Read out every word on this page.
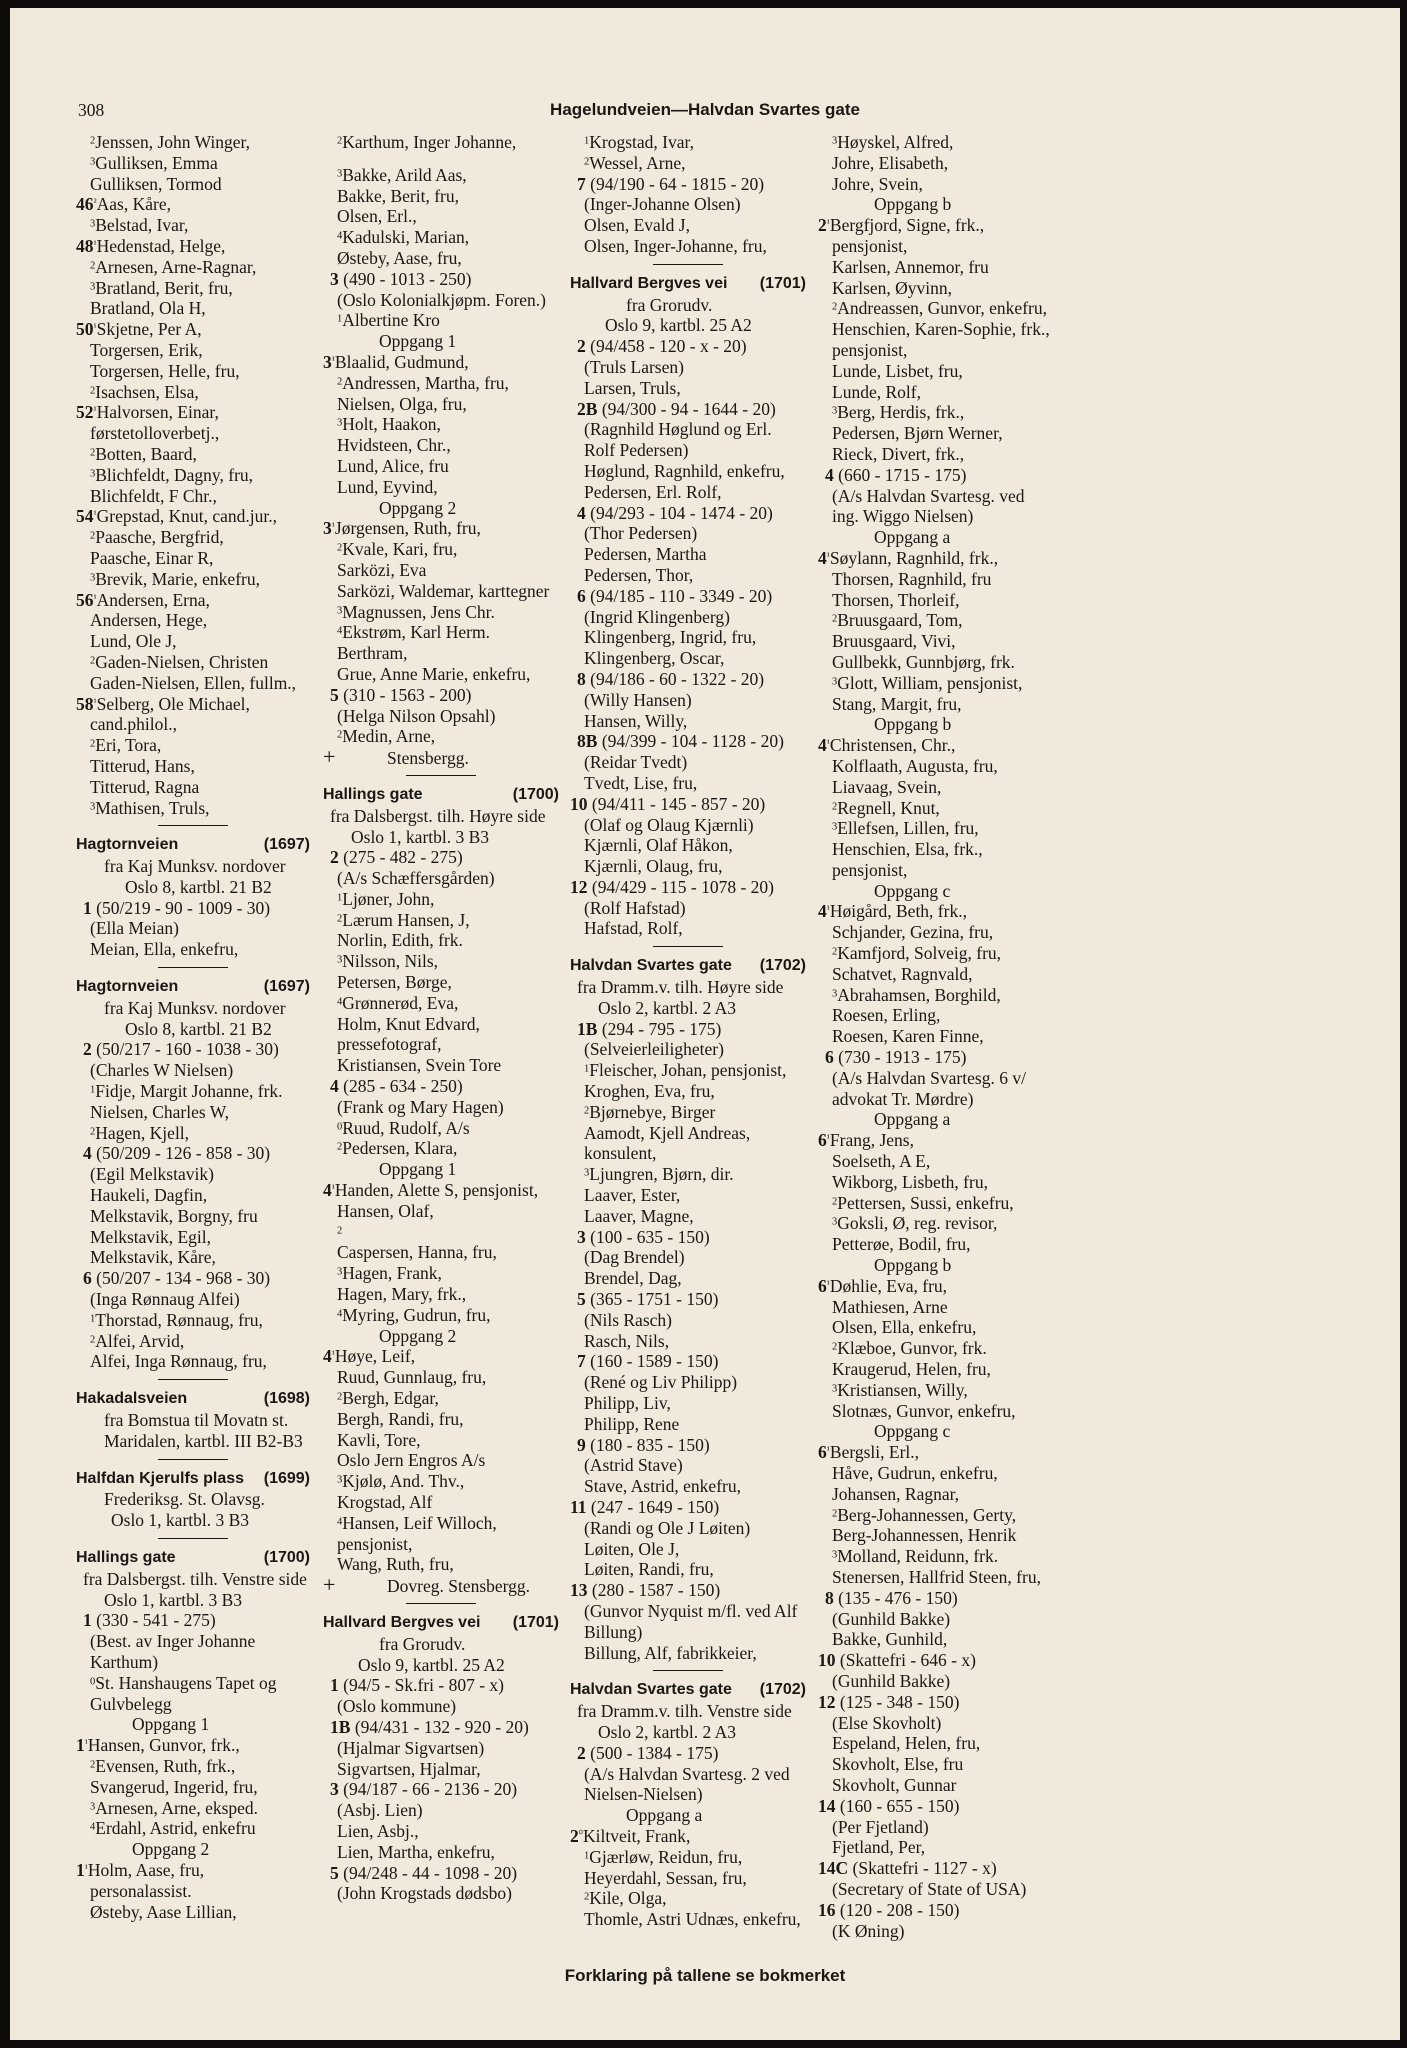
308	Hagelundveien—Halvdan Svartes gate
$^2$Jenssen, John Winger,
$^3$Gulliksen, Emma
Gulliksen, Tormod
$46^{^2}Aas$, Kåre,
$^3$Belstad, Ivar,
$48^{^1}Hedenstad$, Helge,
$^2$Arnesen, Arne-Ragnar,
$^3$Bratland, Berit, fru,
Bratland, Ola H,
$50^{^1}Skjetne$, Per A,
Torgersen, Erik,
Torgersen, Helle, fru,
$^2$Isachsen, Elsa,
$52^{^1}Halvorsen$, Einar,
førstetolloverbetj.,
$^2$Botten, Baard,
$^3$Blichfeldt, Dagny, fru,
Blichfeldt, F Chr.,
$54^{^1}Grepstad$, Knut, cand.jur.,
$^2$Paasche, Bergfrid,
Paasche, Einar R,
$^3$Brevik, Marie, enkefru,
$56^{^1}Andersen$, Erna,
Andersen, Hege,
Lund, Ole J,
$^2$Gaden-Nielsen, Christen
Gaden-Nielsen, Ellen, fullm.,
$58^{^1}Selberg$, Ole Michael,
cand.philol.,
$^2$Eri, Tora,
Titterud, Hans,
Titterud, Ragna
$^3$Mathisen, Truls,
Hagtornveien	(1697)
fra Kaj Munksv. nordover
Oslo 8, kartbl. 21 B2
1 (50/219 - 90 - 1009 - 30)
(Ella Meian)
Meian, Ella, enkefru,
Hagtornveien	(1697)
fra Kaj Munksv. nordover
Oslo 8, kartbl. 21 B2
2 (50/217 - 160 - 1038 - 30)
(Charles W Nielsen)
$^1$Fidje, Margit Johanne, frk.
Nielsen, Charles W,
$^2$Hagen, Kjell,
4 (50/209 - 126 - 858 - 30)
(Egil Melkstavik)
Haukeli, Dagfin,
Melkstavik, Borgny, fru
Melkstavik, Egil,
Melkstavik, Kåre,
6 (50/207 - 134 - 968 - 30)
(Inga Rønnaug Alfei)
$^1$Thorstad, Rønnaug, fru,
$^2$Alfei, Arvid,
Alfei, Inga Rønnaug, fru,
Hakadalsveien	(1698)
fra Bomstua til Movatn st.
Maridalen, kartbl. III B2-B3
Halfdan Kjerulfs plass (1699)
Frederiksg. St. Olavsg.
Oslo 1, kartbl. 3 B3
Hallings gate	(1700)
fra Dalsbergst. tilh. Venstre side
Oslo 1, kartbl. 3 B3
1 (330 - 541 - 275)
(Best. av Inger Johanne
Karthum)
$^0$St. Hanshaugens Tapet og
Gulvbelegg
Oppgang 1
$1^{^1}Hansen$, Gunvor, frk.,
$^2$Evensen, Ruth, frk.,
Svangerud, Ingerid, fru,
$^3$Arnesen, Arne, eksped.
$^4$Erdahl, Astrid, enkefru
Oppgang 2
$1^{^1}Holm$, Aase, fru,
personalassist.
Østeby, Aase Lillian,
$^2$Karthum, Inger Johanne,
$^3$Bakke, Arild Aas,
Bakke, Berit, fru,
Olsen, Erl.,
$^4$Kadulski, Marian,
Østeby, Aase, fru,
3 (490 - 1013 - 250)
(Oslo Kolonialkjøpm. Foren.)
$^1$Albertine Kro
Oppgang 1
$3^{^1}Blaalid$, Gudmund,
$^2$Andressen, Martha, fru,
Nielsen, Olga, fru,
$^3$Holt, Haakon,
Hvidsteen, Chr.,
Lund, Alice, fru
Lund, Eyvind,
Oppgang 2
$3^{^1}Jørgensen$, Ruth, fru,
$^2$Kvale, Kari, fru,
Sarközi, Eva
Sarközi, Waldemar, karttegner
$^3$Magnussen, Jens Chr.
$^4$Ekstrøm, Karl Herm.
Berthram,
Grue, Anne Marie, enkefru,
5 (310 - 1563 - 200)
(Helga Nilson Opsahl)
$^2$Medin, Arne,
+	Stensbergg.
Hallings gate	(1700)
fra Dalsbergst. tilh. Høyre side
Oslo 1, kartbl. 3 B3
2 (275 - 482 - 275)
(A/s Schæffersgården)
$^1$Ljøner, John,
$^2$Lærum Hansen, J,
Norlin, Edith, frk.
$^3$Nilsson, Nils,
Petersen, Børge,
$^4$Grønnerød, Eva,
Holm, Knut Edvard,
pressefotograf,
Kristiansen, Svein Tore
4 (285 - 634 - 250)
(Frank og Mary Hagen)
$^0$Ruud, Rudolf, A/s
$^2$Pedersen, Klara,
Oppgang 1
$4^{^1}Handen$, Alette S, pensjonist,
Hansen, Olaf,
$^2$
Caspersen, Hanna, fru,
$^3$Hagen, Frank,
Hagen, Mary, frk.,
$^4$Myring, Gudrun, fru,
Oppgang 2
$4^{^1}Høye$, Leif,
Ruud, Gunnlaug, fru,
$^2$Bergh, Edgar,
Bergh, Randi, fru,
Kavli, Tore,
Oslo Jern Engros A/s
$^3$Kjølø, And. Thv.,
Krogstad, Alf
$^4$Hansen, Leif Willoch,
pensjonist,
Wang, Ruth, fru,
+	Dovreg. Stensbergg.
Hallvard Bergves vei (1701)
fra Grorudv.
Oslo 9, kartbl. 25 A2
1 (94/5 - Sk.fri - 807 - x)
(Oslo kommune)
1B (94/431 - 132 - 920 - 20)
(Hjalmar Sigvartsen)
Sigvartsen, Hjalmar,
3 (94/187 - 66 - 2136 - 20)
(Asbj. Lien)
Lien, Asbj.,
Lien, Martha, enkefru,
5 (94/248 - 44 - 1098 - 20)
(John Krogstads dødsbo)
$^1$Krogstad, Ivar,
$^2$Wessel, Arne,
7 (94/190 - 64 - 1815 - 20)
(Inger-Johanne Olsen)
Olsen, Evald J,
Olsen, Inger-Johanne, fru,
Hallvard Bergves vei (1701)
fra Grorudv.
Oslo 9, kartbl. 25 A2
2 (94/458 - 120 - x - 20)
(Truls Larsen)
Larsen, Truls,
2B (94/300 - 94 - 1644 - 20)
(Ragnhild Høglund og Erl.
Rolf Pedersen)
Høglund, Ragnhild, enkefru,
Pedersen, Erl. Rolf,
4 (94/293 - 104 - 1474 - 20)
(Thor Pedersen)
Pedersen, Martha
Pedersen, Thor,
6 (94/185 - 110 - 3349 - 20)
(Ingrid Klingenberg)
Klingenberg, Ingrid, fru,
Klingenberg, Oscar,
8 (94/186 - 60 - 1322 - 20)
(Willy Hansen)
Hansen, Willy,
8B (94/399 - 104 - 1128 - 20)
(Reidar Tvedt)
Tvedt, Lise, fru,
10 (94/411 - 145 - 857 - 20)
(Olaf og Olaug Kjærnli)
Kjærnli, Olaf Håkon,
Kjærnli, Olaug, fru,
12 (94/429 - 115 - 1078 - 20)
(Rolf Hafstad)
Hafstad, Rolf,
Halvdan Svartes gate (1702)
fra Dramm.v. tilh. Høyre side
Oslo 2, kartbl. 2 A3
1B (294 - 795 - 175)
(Selveierleiligheter)
$^1$Fleischer, Johan, pensjonist,
Kroghen, Eva, fru,
$^2$Bjørnebye, Birger
Aamodt, Kjell Andreas,
konsulent,
$^3$Ljungren, Bjørn, dir.
Laaver, Ester,
Laaver, Magne,
3 (100 - 635 - 150)
(Dag Brendel)
Brendel, Dag,
5 (365 - 1751 - 150)
(Nils Rasch)
Rasch, Nils,
7 (160 - 1589 - 150)
(René og Liv Philipp)
Philipp, Liv,
Philipp, Rene
9 (180 - 835 - 150)
(Astrid Stave)
Stave, Astrid, enkefru,
11 (247 - 1649 - 150)
(Randi og Ole J Løiten)
Løiten, Ole J,
Løiten, Randi, fru,
13 (280 - 1587 - 150)
(Gunvor Nyquist m/fl. ved Alf
Billung)
Billung, Alf, fabrikkeier,
Halvdan Svartes gate (1702)
fra Dramm.v. tilh. Venstre side
Oslo 2, kartbl. 2 A3
2 (500 - 1384 - 175)
(A/s Halvdan Svartesg. 2 ved
Nielsen-Nielsen)
Oppgang a
$2^{^0}Kiltveit$, Frank,
$^1$Gjærløw, Reidun, fru,
Heyerdahl, Sessan, fru,
$^2$Kile, Olga,
Thomle, Astri Udnæs, enkefru,
$^3$Høyskel, Alfred,
Johre, Elisabeth,
Johre, Svein,
Oppgang b
$2^{^1}Bergfjord$, Signe, frk.,
pensjonist,
Karlsen, Annemor, fru
Karlsen, Øyvinn,
$^2$Andreassen, Gunvor, enkefru,
Henschien, Karen-Sophie, frk.,
pensjonist,
Lunde, Lisbet, fru,
Lunde, Rolf,
$^3$Berg, Herdis, frk.,
Pedersen, Bjørn Werner,
Rieck, Divert, frk.,
4 (660 - 1715 - 175)
(A/s Halvdan Svartesg. ved
ing. Wiggo Nielsen)
Oppgang a
$4^{^1}Søylann$, Ragnhild, frk.,
Thorsen, Ragnhild, fru
Thorsen, Thorleif,
$^2$Bruusgaard, Tom,
Bruusgaard, Vivi,
Gullbekk, Gunnbjørg, frk.
$^3$Glott, William, pensjonist,
Stang, Margit, fru,
Oppgang b
$4^{^1}Christensen$, Chr.,
Kolflaath, Augusta, fru,
Liavaag, Svein,
$^2$Regnell, Knut,
$^3$Ellefsen, Lillen, fru,
Henschien, Elsa, frk.,
pensjonist,
Oppgang c
$4^{^1}Høigård$, Beth, frk.,
Schjander, Gezina, fru,
$^2$Kamfjord, Solveig, fru,
Schatvet, Ragnvald,
$^3$Abrahamsen, Borghild,
Roesen, Erling,
Roesen, Karen Finne,
6 (730 - 1913 - 175)
(A/s Halvdan Svartesg. 6 v/
advokat Tr. Mørdre)
Oppgang a
$6^{^1}Frang$, Jens,
Soelseth, A E,
Wikborg, Lisbeth, fru,
$^2$Pettersen, Sussi, enkefru,
$^3$Goksli, Ø, reg. revisor,
Petterøe, Bodil, fru,
Oppgang b
$6^{^1}Døhlie$, Eva, fru,
Mathiesen, Arne
Olsen, Ella, enkefru,
$^2$Klæboe, Gunvor, frk.
Kraugerud, Helen, fru,
$^3$Kristiansen, Willy,
Slotnæs, Gunvor, enkefru,
Oppgang c
$6^{^1}Bergsli$, Erl.,
Håve, Gudrun, enkefru,
Johansen, Ragnar,
$^2$Berg-Johannessen, Gerty,
Berg-Johannessen, Henrik
$^3$Molland, Reidunn, frk.
Stenersen, Hallfrid Steen, fru,
8 (135 - 476 - 150)
(Gunhild Bakke)
Bakke, Gunhild,
10 (Skattefri - 646 - x)
(Gunhild Bakke)
12 (125 - 348 - 150)
(Else Skovholt)
Espeland, Helen, fru,
Skovholt, Else, fru
Skovholt, Gunnar
14 (160 - 655 - 150)
(Per Fjetland)
Fjetland, Per,
14C (Skattefri - 1127 - x)
(Secretary of State of USA)
16 (120 - 208 - 150)
(K Øning)
Forklaring på tallene se bokmerket
